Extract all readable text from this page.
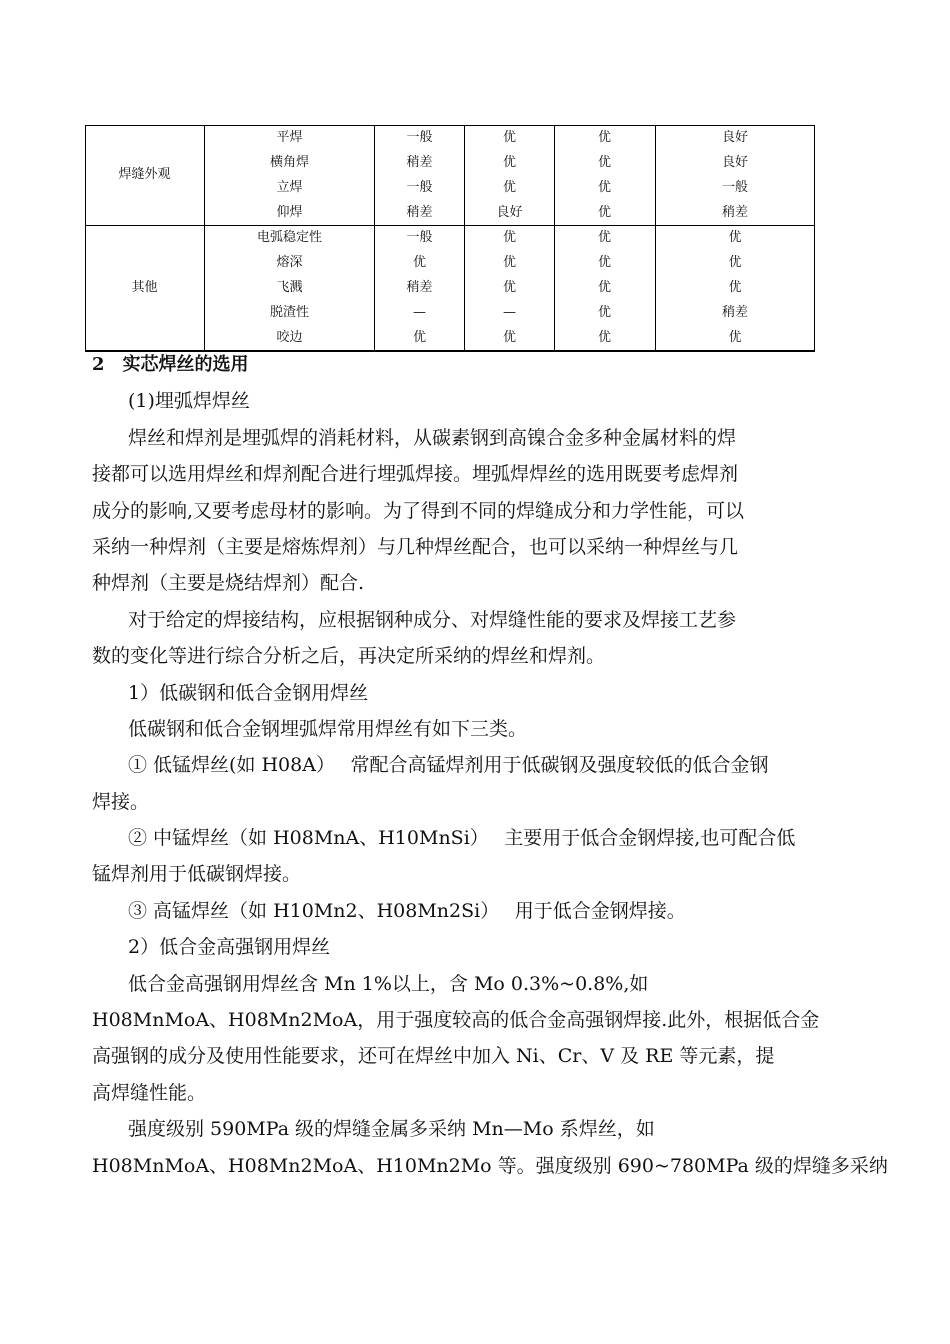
焊缝外观
平焊	一般	优	优	良好
横角焊	稍差	优	优	良好
立焊	一般	优	优	一般
仰焊	稍差	良好	优	稍差
其他
电弧稳定性	一般	优	优	优
熔深	优	优	优	优
飞溅	稍差	优	优	优
脱渣性	—	—	优	稍差
咬边	优	优	优	优
2　实芯焊丝的选用
(1)埋弧焊焊丝
焊丝和焊剂是埋弧焊的消耗材料，从碳素钢到高镍合金多种金属材料的焊
接都可以选用焊丝和焊剂配合进行埋弧焊接。埋弧焊焊丝的选用既要考虑焊剂
成分的影响,又要考虑母材的影响。为了得到不同的焊缝成分和力学性能，可以
采纳一种焊剂（主要是熔炼焊剂）与几种焊丝配合，也可以采纳一种焊丝与几
种焊剂（主要是烧结焊剂）配合.
对于给定的焊接结构，应根据钢种成分、对焊缝性能的要求及焊接工艺参
数的变化等进行综合分析之后，再决定所采纳的焊丝和焊剂。
1）低碳钢和低合金钢用焊丝
低碳钢和低合金钢埋弧焊常用焊丝有如下三类。
① 低锰焊丝(如 H08A）　 常配合高锰焊剂用于低碳钢及强度较低的低合金钢
焊接。
② 中锰焊丝（如 H08MnA、H10MnSi）　 主要用于低合金钢焊接,也可配合低
锰焊剂用于低碳钢焊接。
③ 高锰焊丝（如 H10Mn2、H08Mn2Si）　 用于低合金钢焊接。
2）低合金高强钢用焊丝
低合金高强钢用焊丝含 Mn 1%以上，含 Mo 0.3%~0.8%,如
H08MnMoA、H08Mn2MoA，用于强度较高的低合金高强钢焊接.此外，根据低合金
高强钢的成分及使用性能要求，还可在焊丝中加入 Ni、Cr、V 及 RE 等元素，提
高焊缝性能。
强度级别 590MPa 级的焊缝金属多采纳 Mn—Mo 系焊丝，如
H08MnMoA、H08Mn2MoA、H10Mn2Mo 等。强度级别 690~780MPa 级的焊缝多采纳
